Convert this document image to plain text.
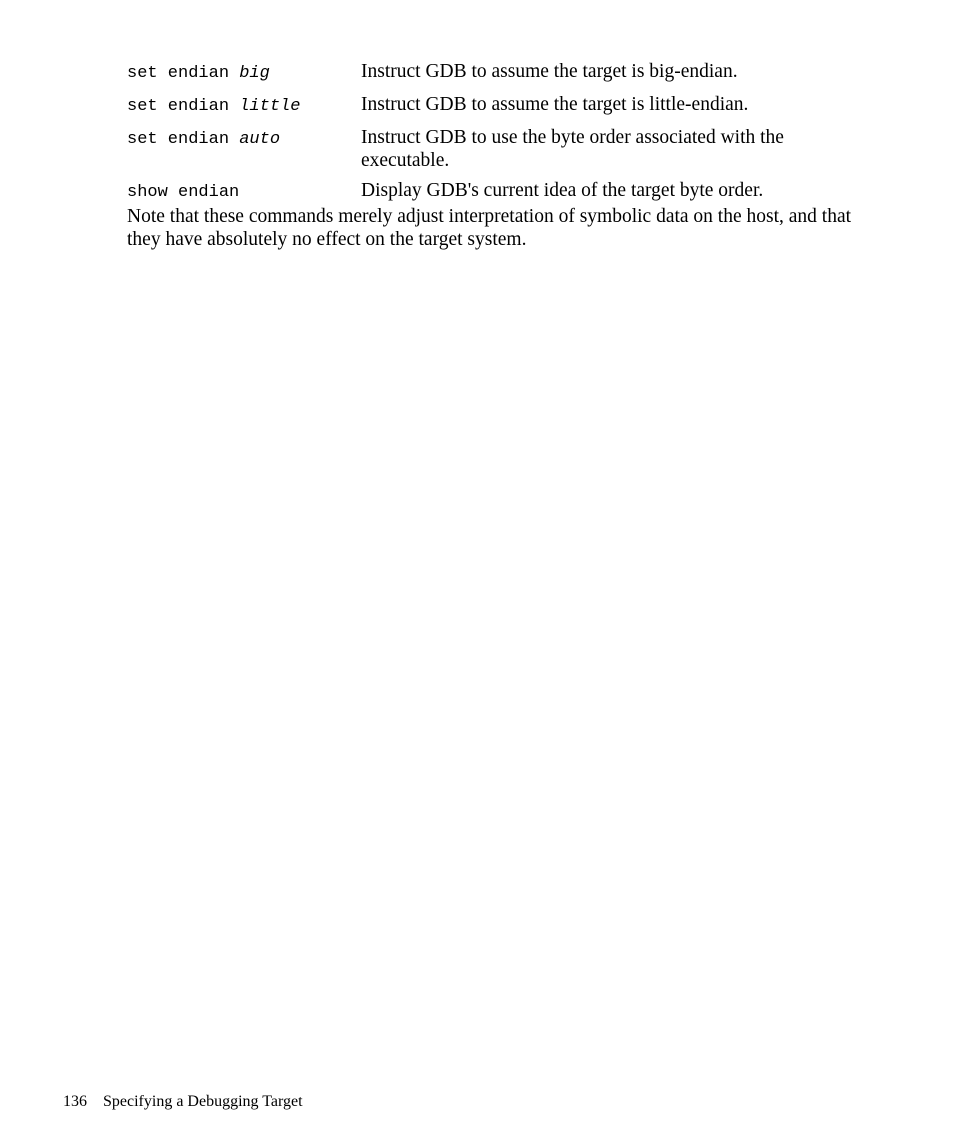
set endian big	Instruct GDB to assume the target is big-endian.
set endian little	Instruct GDB to assume the target is little-endian.
set endian auto	Instruct GDB to use the byte order associated with the executable.
show endian	Display GDB's current idea of the target byte order.

Note that these commands merely adjust interpretation of symbolic data on the host, and that they have absolutely no effect on the target system.

136 Specifying a Debugging Target
